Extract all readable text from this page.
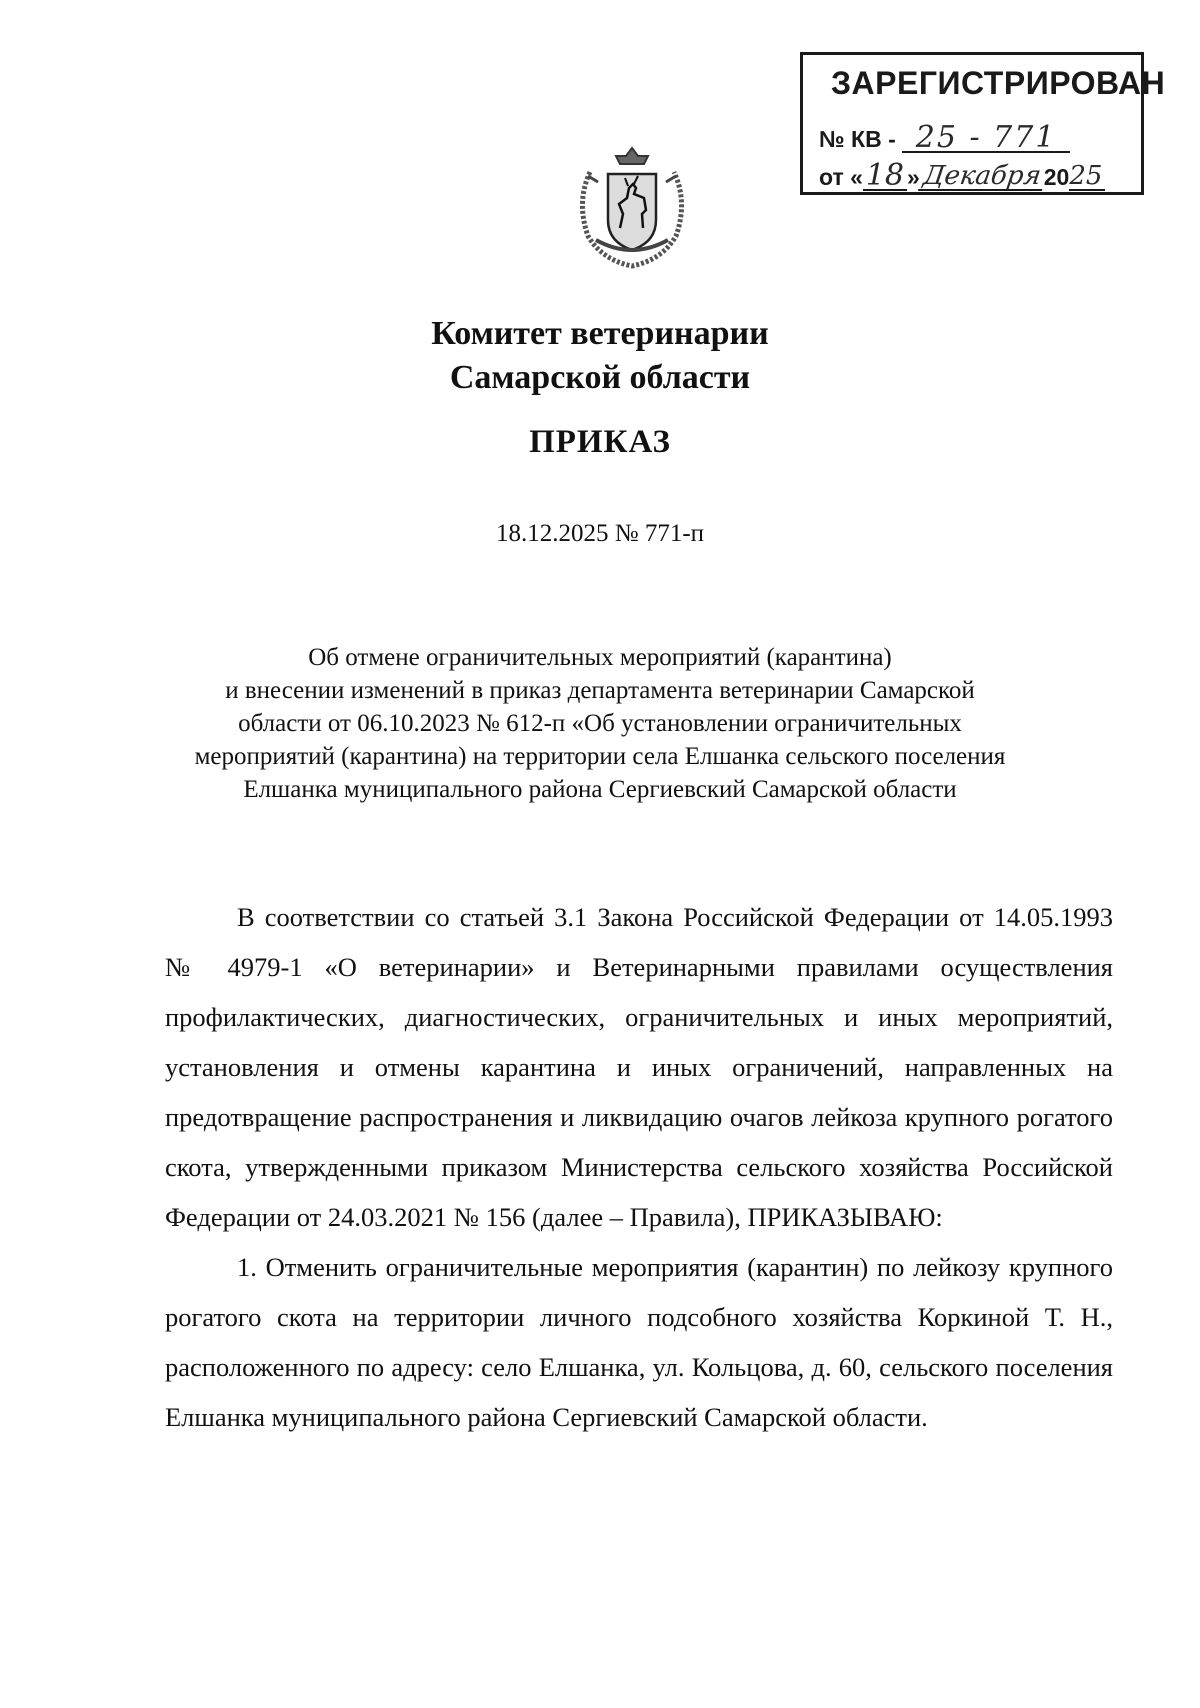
ЗАРЕГИСТРИРОВАН
№ КВ - 25 - 771
от «18 »Декабря2025
Комитет ветеринарии
Самарской области
ПРИКАЗ
18.12.2025 № 771-п
Об отмене ограничительных мероприятий (карантина)
и внесении изменений в приказ департамента ветеринарии Самарской
области от 06.10.2023 № 612-п «Об установлении ограничительных
мероприятий (карантина) на территории села Елшанка сельского поселения
Елшанка муниципального района Сергиевский Самарской области

В соответствии со статьей 3.1 Закона Российской Федерации от 14.05.1993 № 4979-1 «О ветеринарии» и Ветеринарными правилами осуществления профилактических, диагностических, ограничительных и иных мероприятий, установления и отмены карантина и иных ограничений, направленных на предотвращение распространения и ликвидацию очагов лейкоза крупного рогатого скота, утвержденными приказом Министерства сельского хозяйства Российской Федерации от 24.03.2021 № 156 (далее – Правила), ПРИКАЗЫВАЮ:

1. Отменить ограничительные мероприятия (карантин) по лейкозу крупного рогатого скота на территории личного подсобного хозяйства Коркиной Т. Н., расположенного по адресу: село Елшанка, ул. Кольцова, д. 60, сельского поселения Елшанка муниципального района Сергиевский Самарской области.
